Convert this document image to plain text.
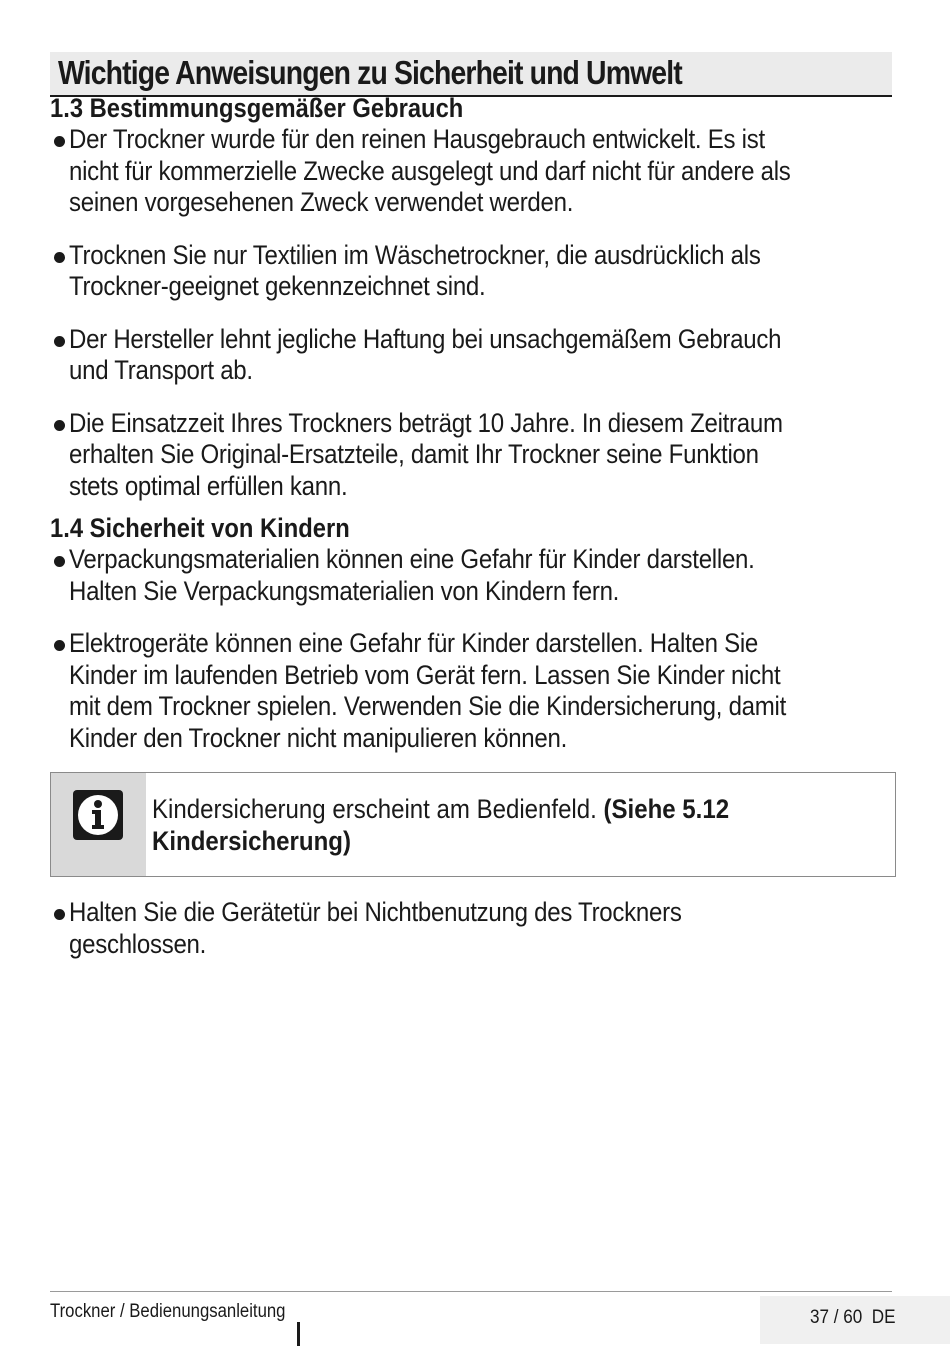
Wichtige Anweisungen zu Sicherheit und Umwelt
1.3 Bestimmungsgemäßer Gebrauch
Der Trockner wurde für den reinen Hausgebrauch entwickelt. Es ist nicht für kommerzielle Zwecke ausgelegt und darf nicht für andere als seinen vorgesehenen Zweck verwendet werden.
Trocknen Sie nur Textilien im Wäschetrockner, die ausdrücklich als Trockner-geeignet gekennzeichnet sind.
Der Hersteller lehnt jegliche Haftung bei unsachgemäßem Gebrauch und Transport ab.
Die Einsatzzeit Ihres Trockners beträgt 10 Jahre. In diesem Zeitraum erhalten Sie Original-Ersatzteile, damit Ihr Trockner seine Funktion stets optimal erfüllen kann.
1.4 Sicherheit von Kindern
Verpackungsmaterialien können eine Gefahr für Kinder darstellen. Halten Sie Verpackungsmaterialien von Kindern fern.
Elektrogeräte können eine Gefahr für Kinder darstellen. Halten Sie Kinder im laufenden Betrieb vom Gerät fern. Lassen Sie Kinder nicht mit dem Trockner spielen. Verwenden Sie die Kindersicherung, damit Kinder den Trockner nicht manipulieren können.
Kindersicherung erscheint am Bedienfeld. (Siehe 5.12 Kindersicherung)
Halten Sie die Gerätetür bei Nichtbenutzung des Trockners geschlossen.
Trockner / Bedienungsanleitung	37 / 60 DE
